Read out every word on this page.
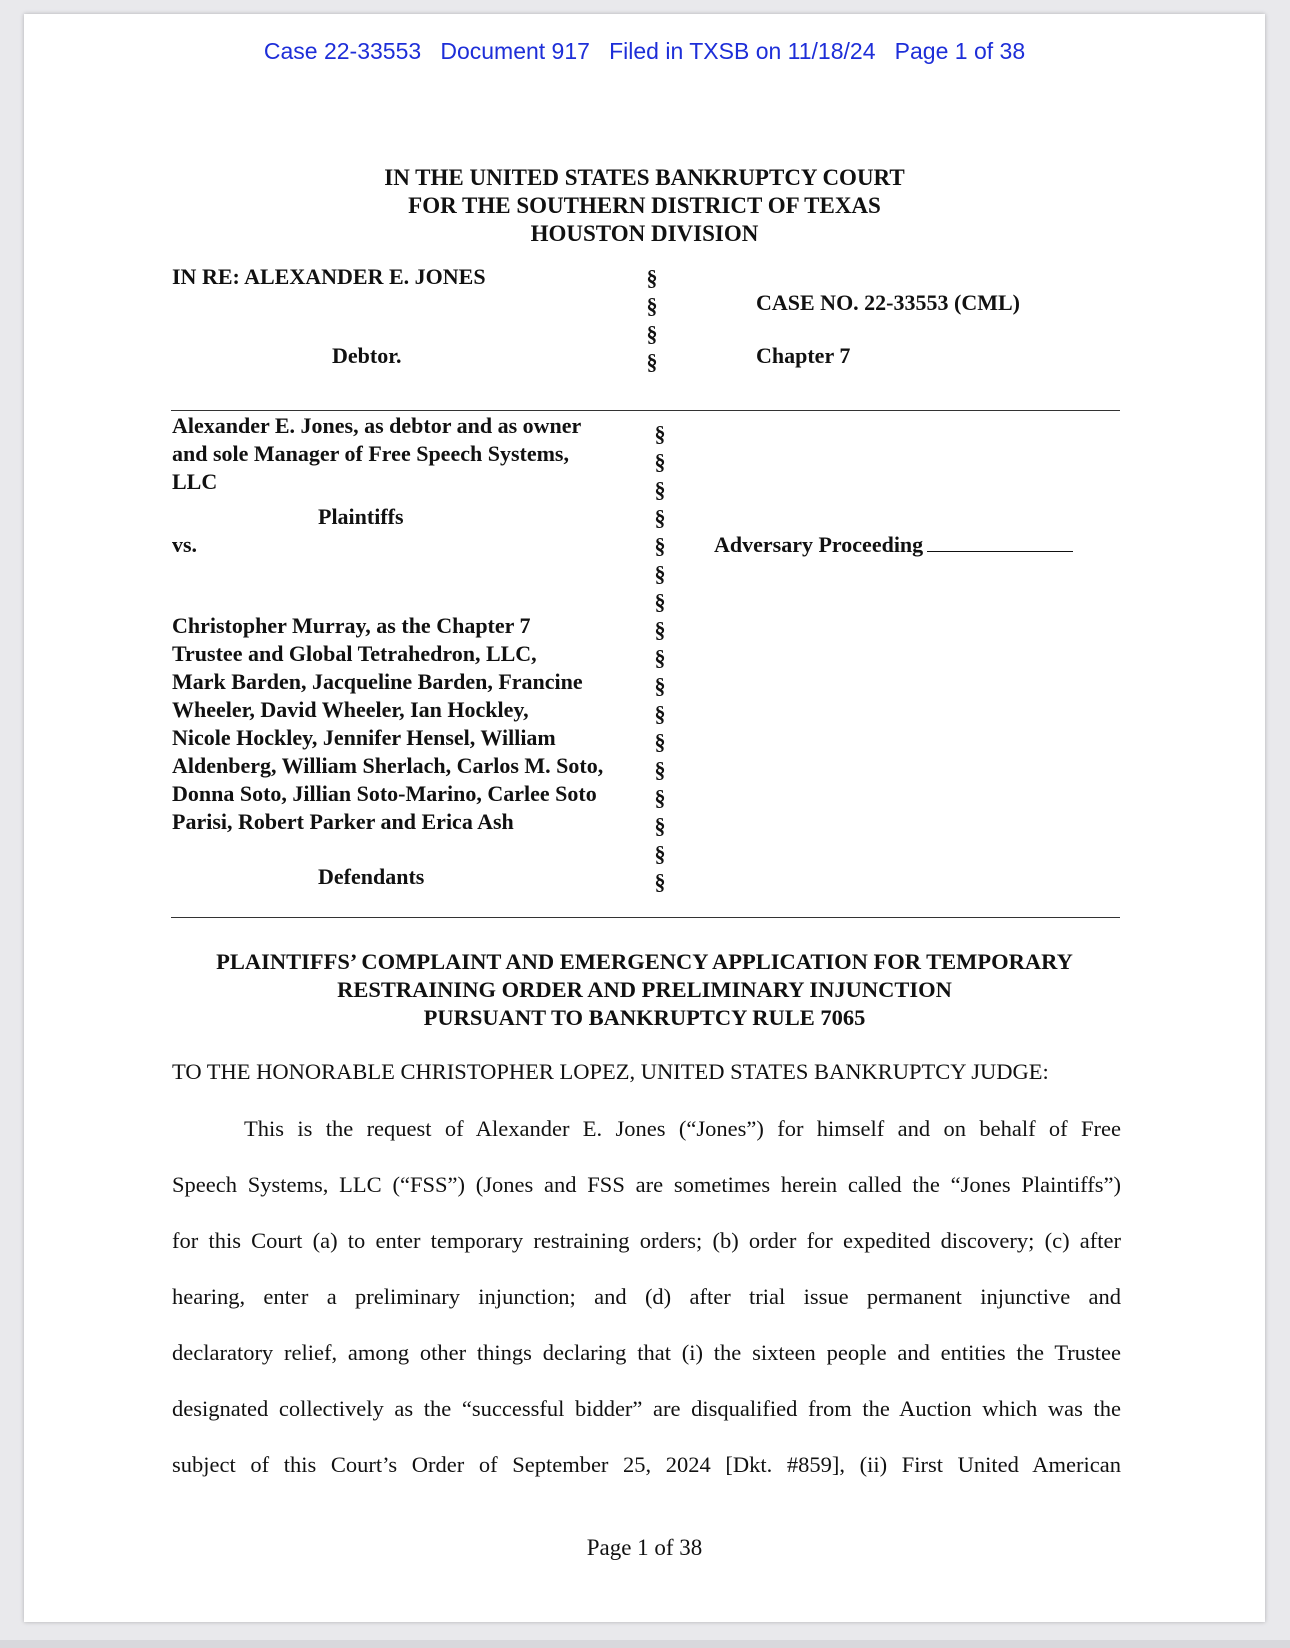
Case 22-33553 Document 917 Filed in TXSB on 11/18/24 Page 1 of 38
IN THE UNITED STATES BANKRUPTCY COURT
FOR THE SOUTHERN DISTRICT OF TEXAS
HOUSTON DIVISION
IN RE: ALEXANDER E. JONES
Debtor.
CASE NO. 22-33553 (CML)
Chapter 7
§
§
§
§
Alexander E. Jones, as debtor and as owner
and sole Manager of Free Speech Systems,
LLC
Plaintiffs
vs.	Adversary Proceeding
Christopher Murray, as the Chapter 7
Trustee and Global Tetrahedron, LLC,
Mark Barden, Jacqueline Barden, Francine
Wheeler, David Wheeler, Ian Hockley,
Nicole Hockley, Jennifer Hensel, William
Aldenberg, William Sherlach, Carlos M. Soto,
Donna Soto, Jillian Soto-Marino, Carlee Soto
Parisi, Robert Parker and Erica Ash
Defendants
§
§
§
§
§
§
§
§
§
§
§
§
§
§
§
§
§
PLAINTIFFS’ COMPLAINT AND EMERGENCY APPLICATION FOR TEMPORARY
RESTRAINING ORDER AND PRELIMINARY INJUNCTION
PURSUANT TO BANKRUPTCY RULE 7065
TO THE HONORABLE CHRISTOPHER LOPEZ, UNITED STATES BANKRUPTCY JUDGE:
This is the request of Alexander E. Jones (“Jones”) for himself and on behalf of Free
Speech Systems, LLC (“FSS”) (Jones and FSS are sometimes herein called the “Jones Plaintiffs”)
for this Court (a) to enter temporary restraining orders; (b) order for expedited discovery; (c) after
hearing, enter a preliminary injunction; and (d) after trial issue permanent injunctive and
declaratory relief, among other things declaring that (i) the sixteen people and entities the Trustee
designated collectively as the “successful bidder” are disqualified from the Auction which was the
subject of this Court’s Order of September 25, 2024 [Dkt. #859], (ii) First United American
Page 1 of 38
